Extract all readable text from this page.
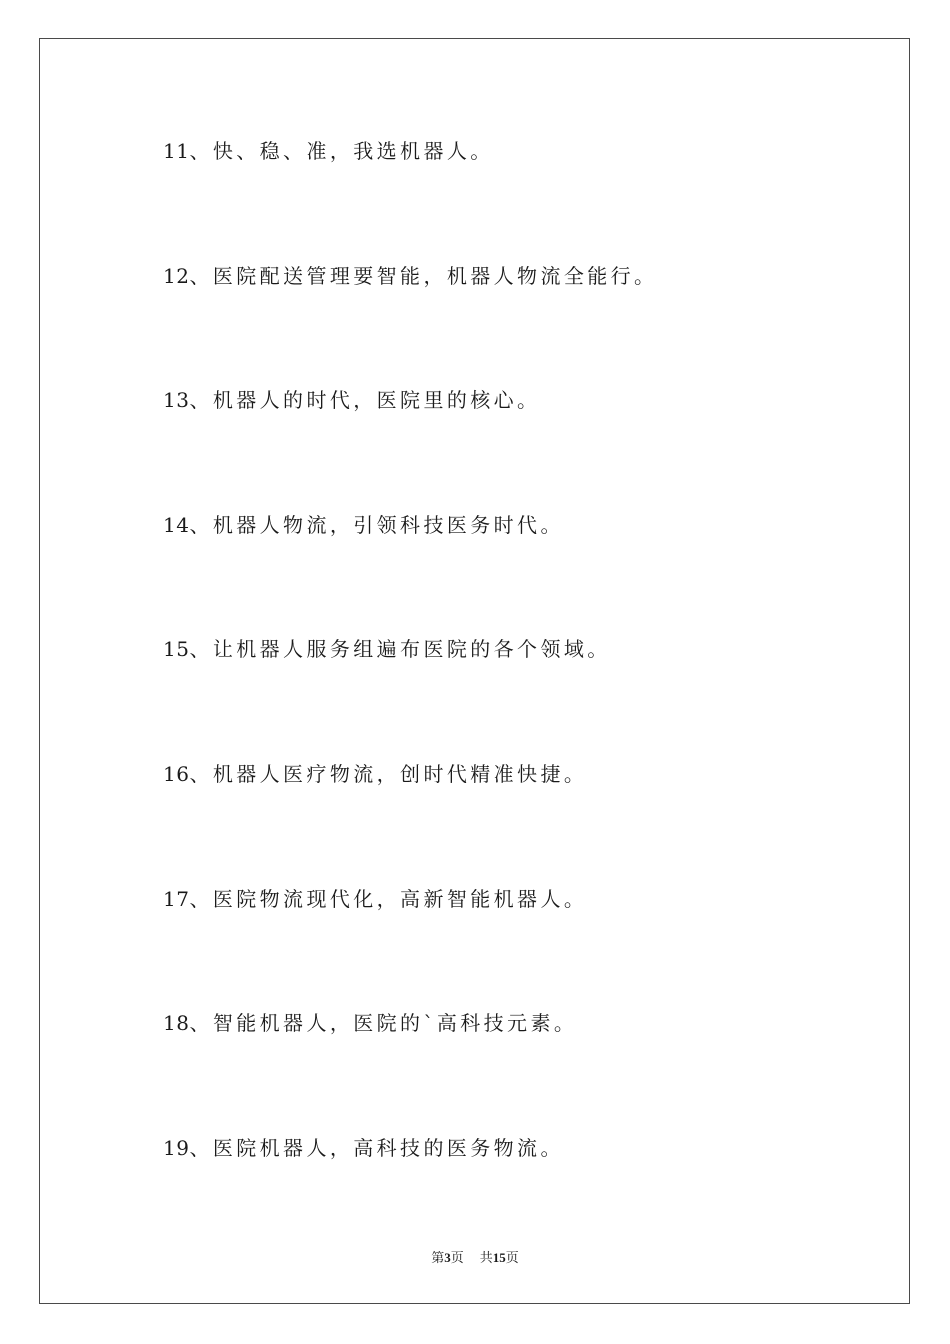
11、快、稳、准，我选机器人。
12、医院配送管理要智能，机器人物流全能行。
13、机器人的时代，医院里的核心。
14、机器人物流，引领科技医务时代。
15、让机器人服务组遍布医院的各个领域。
16、机器人医疗物流，创时代精准快捷。
17、医院物流现代化，高新智能机器人。
18、智能机器人，医院的`高科技元素。
19、医院机器人，高科技的医务物流。
第3页 共15页
